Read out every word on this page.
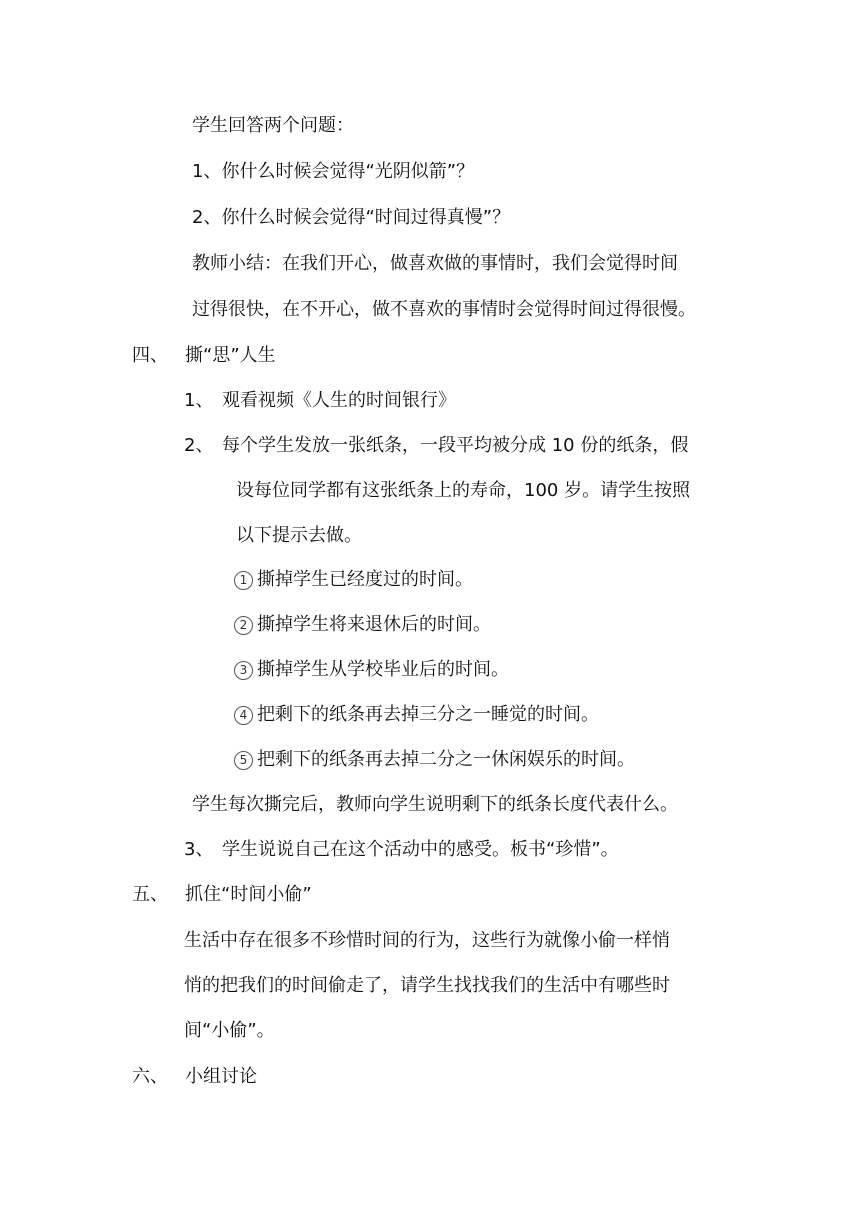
学生回答两个问题：
1、你什么时候会觉得“光阴似箭”？
2、你什么时候会觉得“时间过得真慢”？
教师小结：在我们开心，做喜欢做的事情时，我们会觉得时间
过得很快，在不开心，做不喜欢的事情时会觉得时间过得很慢。
四、 撕“思”人生
1、 观看视频《人生的时间银行》
2、 每个学生发放一张纸条，一段平均被分成 10 份的纸条，假
设每位同学都有这张纸条上的寿命，100 岁。请学生按照
以下提示去做。
1 撕掉学生已经度过的时间。
2 撕掉学生将来退休后的时间。
3 撕掉学生从学校毕业后的时间。
4 把剩下的纸条再去掉三分之一睡觉的时间。
5 把剩下的纸条再去掉二分之一休闲娱乐的时间。
学生每次撕完后，教师向学生说明剩下的纸条长度代表什么。
3、 学生说说自己在这个活动中的感受。板书“珍惜”。
五、 抓住“时间小偷”
生活中存在很多不珍惜时间的行为，这些行为就像小偷一样悄
悄的把我们的时间偷走了，请学生找找我们的生活中有哪些时
间“小偷”。
六、 小组讨论
